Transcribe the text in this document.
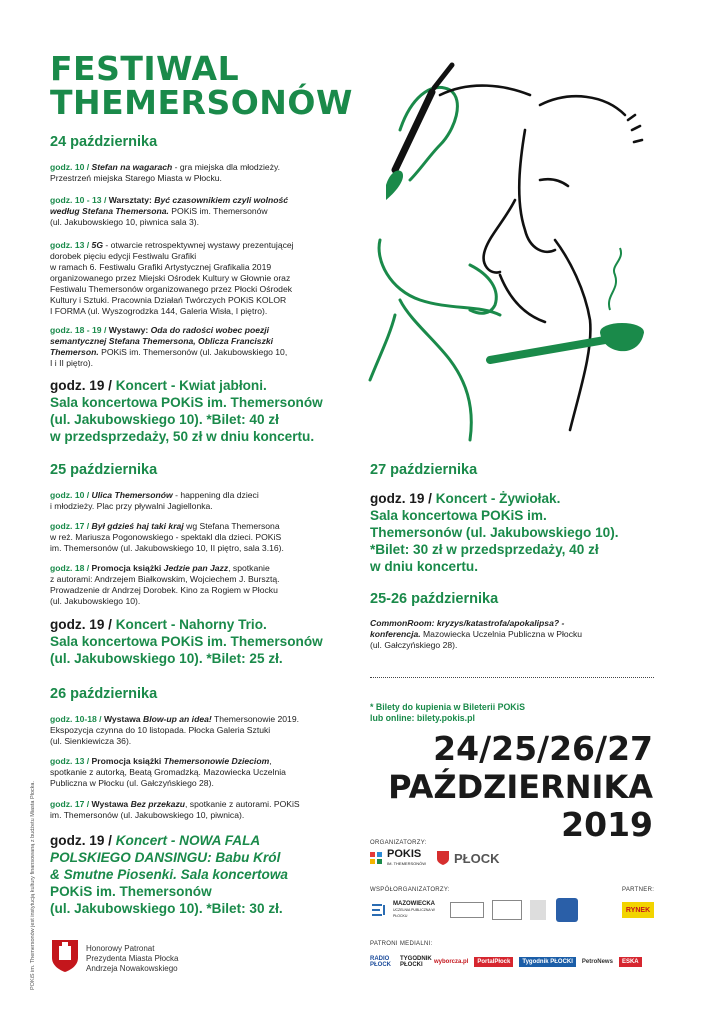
FESTIWAL
THEMERSONÓW
24 października
godz. 10 / Stefan na wagarach - gra miejska dla młodzieży.
Przestrzeń miejska Starego Miasta w Płocku.
godz. 10 - 13 / Warsztaty: Być czasownikiem czyli wolność
według Stefana Themersona. POKiS im. Themersonów
(ul. Jakubowskiego 10, piwnica sala 3).
godz. 13 / 5G - otwarcie retrospektywnej wystawy prezentującej
dorobek pięciu edycji Festiwalu Grafiki
w ramach 6. Festiwalu Grafiki Artystycznej Grafikalia 2019
organizowanego przez Miejski Ośrodek Kultury w Głownie oraz
Festiwalu Themersonów organizowanego przez Płocki Ośrodek
Kultury i Sztuki. Pracownia Działań Twórczych POKiS KOLOR
I FORMA (ul. Wyszogrodzka 144, Galeria Wisła, I piętro).
godz. 18 - 19 / Wystawy: Oda do radości wobec poezji
semantycznej Stefana Themersona, Oblicza Franciszki
Themerson. POKiS im. Themersonów (ul. Jakubowskiego 10,
I i II piętro).
godz. 19 / Koncert - Kwiat jabłoni.
Sala koncertowa POKiS im. Themersonów
(ul. Jakubowskiego 10). *Bilet: 40 zł
w przedsprzedaży, 50 zł w dniu koncertu.
25 października
godz. 10 / Ulica Themersonów - happening dla dzieci
i młodzieży. Plac przy pływalni Jagiellonka.
godz. 17 / Był gdzieś haj taki kraj wg Stefana Themersona
w reż. Mariusza Pogonowskiego - spektakl dla dzieci. POKiS
im. Themersonów (ul. Jakubowskiego 10, II piętro, sala 3.16).
godz. 18 / Promocja książki Jedzie pan Jazz, spotkanie
z autorami: Andrzejem Białkowskim, Wojciechem J. Bursztą.
Prowadzenie dr Andrzej Dorobek. Kino za Rogiem w Płocku
(ul. Jakubowskiego 10).
godz. 19 / Koncert - Nahorny Trio.
Sala koncertowa POKiS im. Themersonów
(ul. Jakubowskiego 10). *Bilet: 25 zł.
26 października
godz. 10-18 / Wystawa Blow-up an idea! Themersonowie 2019.
Ekspozycja czynna do 10 listopada. Płocka Galeria Sztuki
(ul. Sienkiewicza 36).
godz. 13 / Promocja książki Themersonowie Dzieciom,
spotkanie z autorką, Beatą Gromadzką. Mazowiecka Uczelnia
Publiczna w Płocku (ul. Gałczyńskiego 28).
godz. 17 / Wystawa Bez przekazu, spotkanie z autorami. POKiS
im. Themersonów (ul. Jakubowskiego 10, piwnica).
godz. 19 / Koncert - NOWA FALA
POLSKIEGO DANSINGU: Babu Król
& Smutne Piosenki. Sala koncertowa
POKiS im. Themersonów
(ul. Jakubowskiego 10). *Bilet: 30 zł.
27 października
godz. 19 / Koncert - Żywiołak.
Sala koncertowa POKiS im.
Themersonów (ul. Jakubowskiego 10).
*Bilet: 30 zł w przedsprzedaży, 40 zł
w dniu koncertu.
25-26 października
CommonRoom: kryzys/katastrofa/apokalipsa? -
konferencja. Mazowiecka Uczelnia Publiczna w Płocku
(ul. Gałczyńskiego 28).
* Bilety do kupienia w Bileterii POKiS
lub online: bilety.pokis.pl
24/25/26/27
PAŹDZIERNIKA
2019
ORGANIZATORZY:
POKIS
IM. THEMERSONÓW PŁOCK
WSPÓŁORGANIZATORZY:
MAZOWIECKA
UCZELNIA PUBLICZNA W PŁOCKU
PARTNER:
RYNEK
PATRONI MEDIALNI:
RADIO PŁOCK
TYGODNIK PŁOCKI	wyborcza.pl	PortalPłock	Tygodnik PŁOCKI	PetroNews	ESKA
Honorowy Patronat
Prezydenta Miasta Płocka
Andrzeja Nowakowskiego
POKiS im. Themersonów jest instytucją kultury finansowaną z budżetu Miasta Płocka.
